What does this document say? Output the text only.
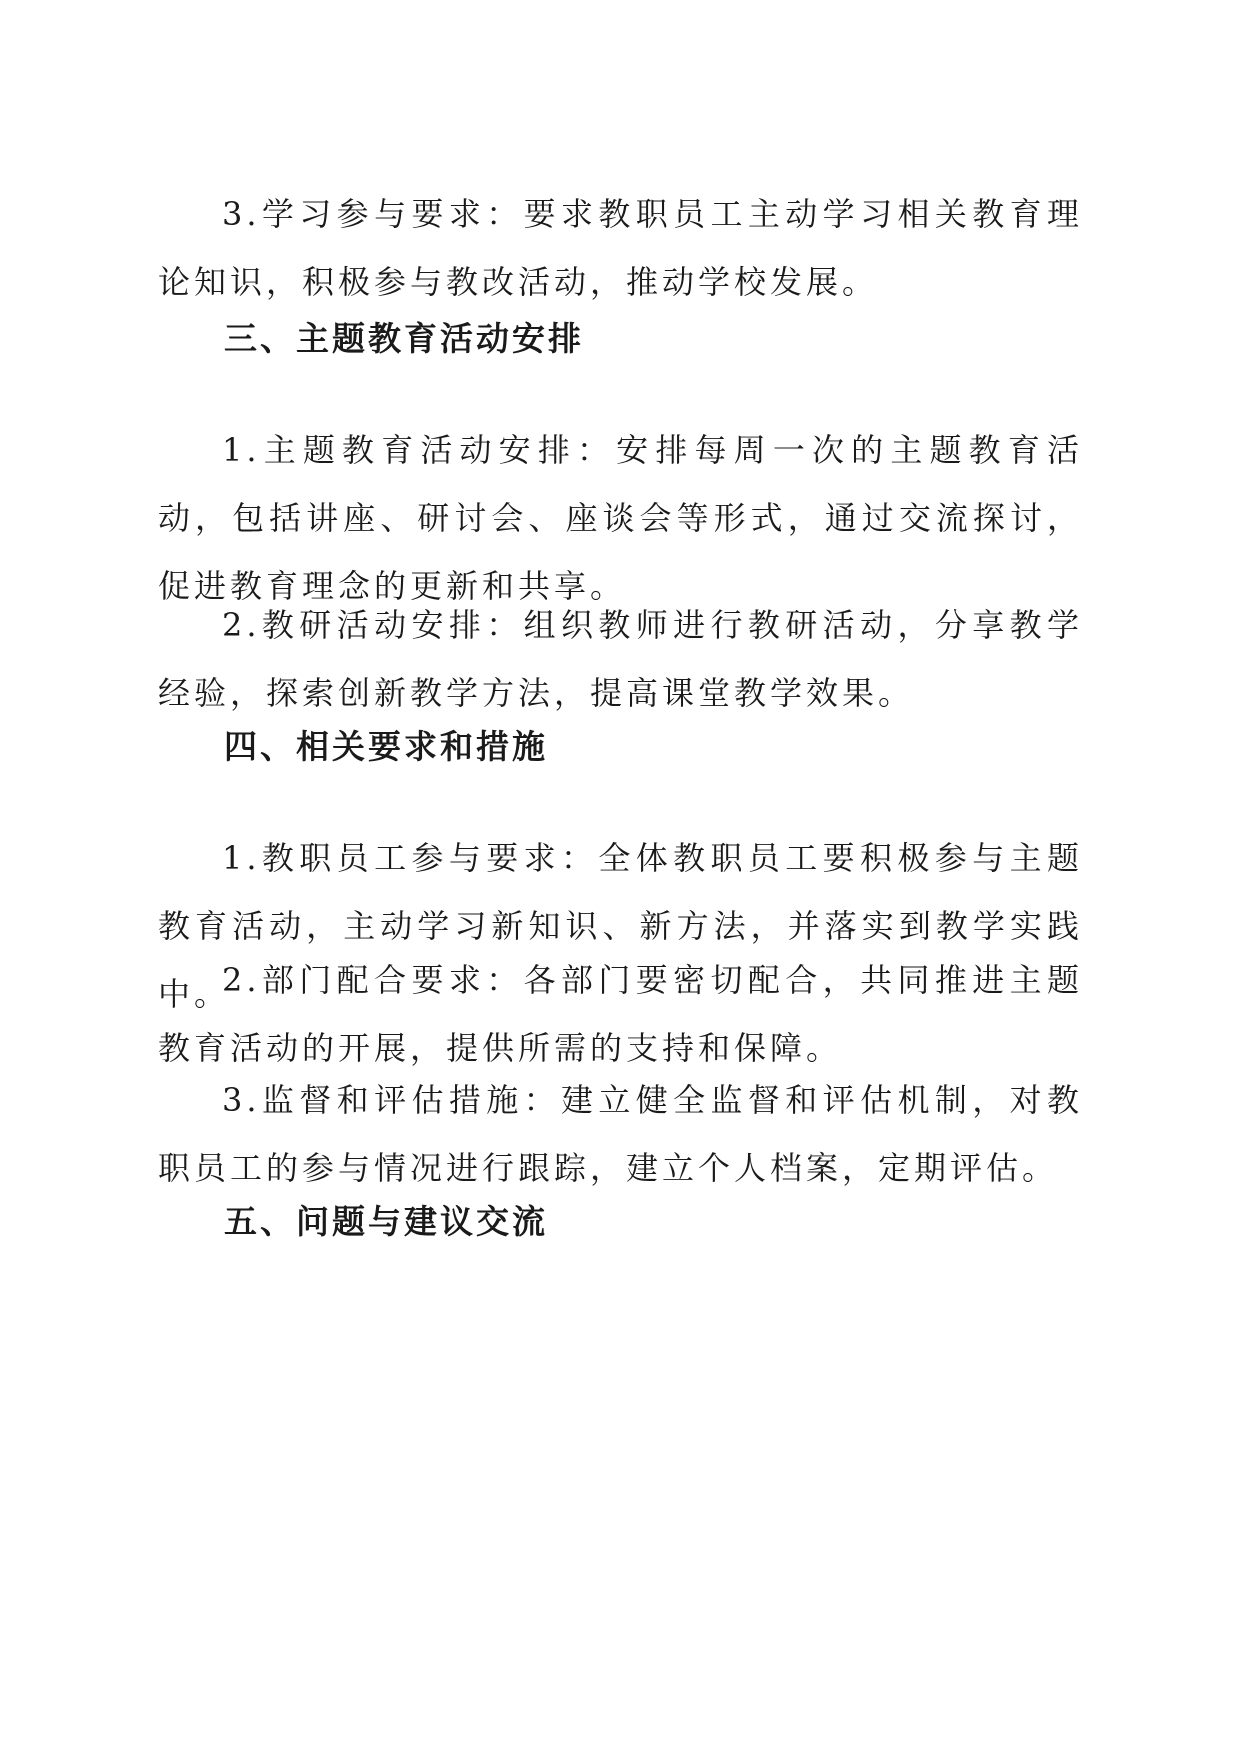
3.学习参与要求：要求教职员工主动学习相关教育理论知识，积极参与教改活动，推动学校发展。

三、主题教育活动安排

1.主题教育活动安排：安排每周一次的主题教育活动，包括讲座、研讨会、座谈会等形式，通过交流探讨，促进教育理念的更新和共享。

2.教研活动安排：组织教师进行教研活动，分享教学经验，探索创新教学方法，提高课堂教学效果。

四、相关要求和措施

1.教职员工参与要求：全体教职员工要积极参与主题教育活动，主动学习新知识、新方法，并落实到教学实践中。

2.部门配合要求：各部门要密切配合，共同推进主题教育活动的开展，提供所需的支持和保障。

3.监督和评估措施：建立健全监督和评估机制，对教职员工的参与情况进行跟踪，建立个人档案，定期评估。

五、问题与建议交流
